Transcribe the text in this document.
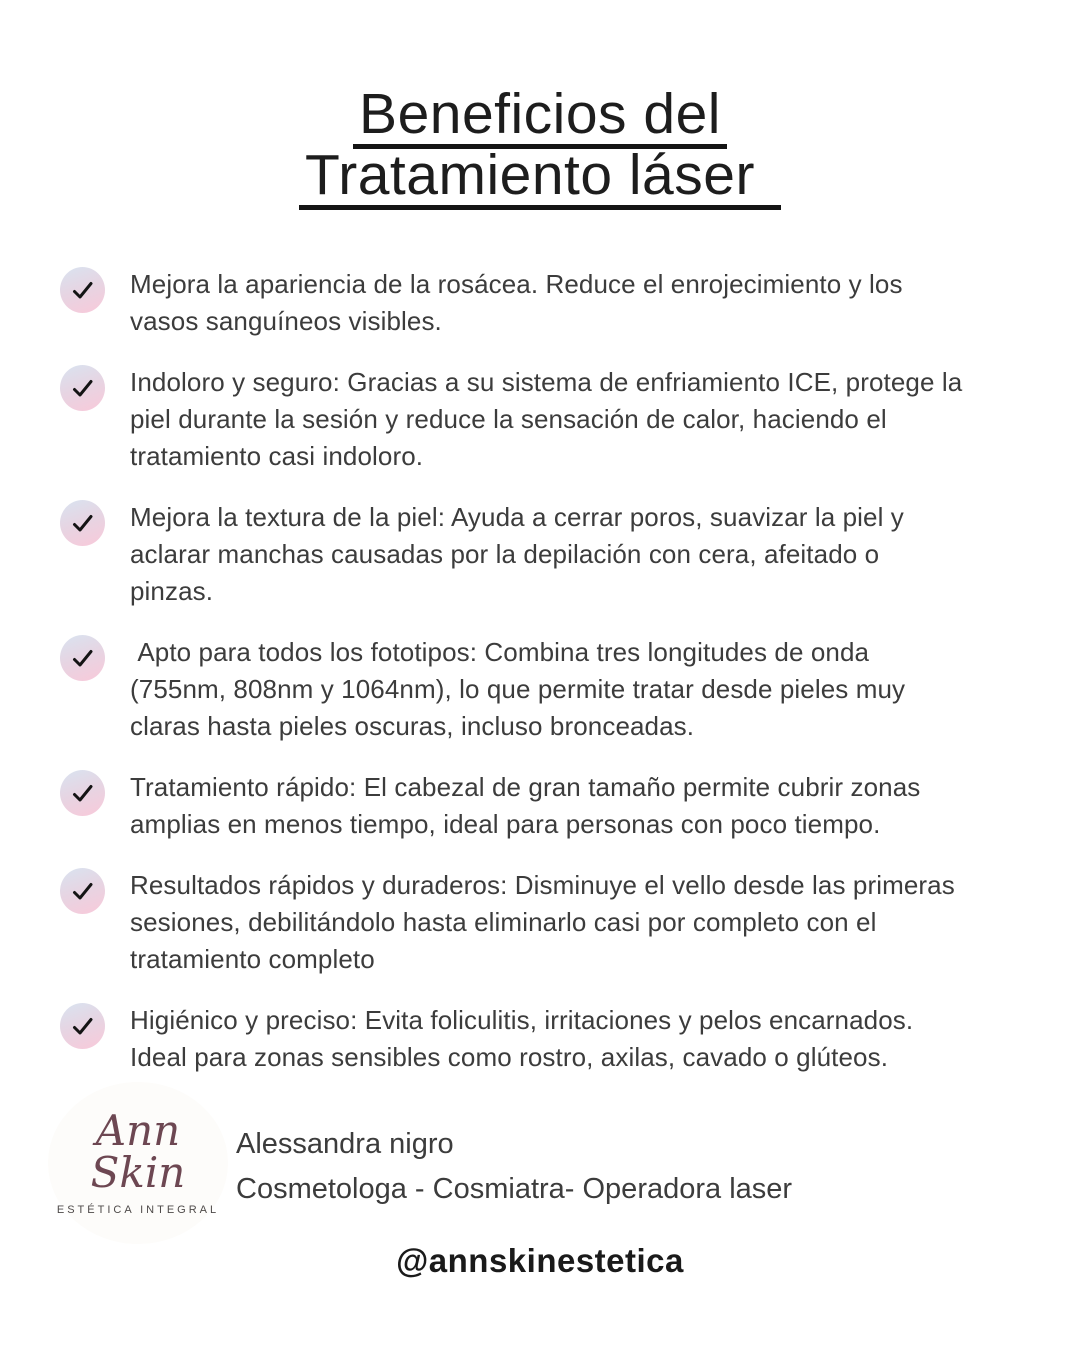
Beneficios del
Tratamiento láser

Mejora la apariencia de la rosácea. Reduce el enrojecimiento y los vasos sanguíneos visibles.

Indoloro y seguro: Gracias a su sistema de enfriamiento ICE, protege la piel durante la sesión y reduce la sensación de calor, haciendo el tratamiento casi indoloro.

Mejora la textura de la piel: Ayuda a cerrar poros, suavizar la piel y aclarar manchas causadas por la depilación con cera, afeitado o pinzas.

Apto para todos los fototipos: Combina tres longitudes de onda (755nm, 808nm y 1064nm), lo que permite tratar desde pieles muy claras hasta pieles oscuras, incluso bronceadas.

Tratamiento rápido: El cabezal de gran tamaño permite cubrir zonas amplias en menos tiempo, ideal para personas con poco tiempo.

Resultados rápidos y duraderos: Disminuye el vello desde las primeras sesiones, debilitándolo hasta eliminarlo casi por completo con el tratamiento completo

Higiénico y preciso: Evita foliculitis, irritaciones y pelos encarnados. Ideal para zonas sensibles como rostro, axilas, cavado o glúteos.

Ann Skin
ESTÉTICA INTEGRAL
Alessandra nigro
Cosmetologa - Cosmiatra- Operadora laser
@annskinestetica
